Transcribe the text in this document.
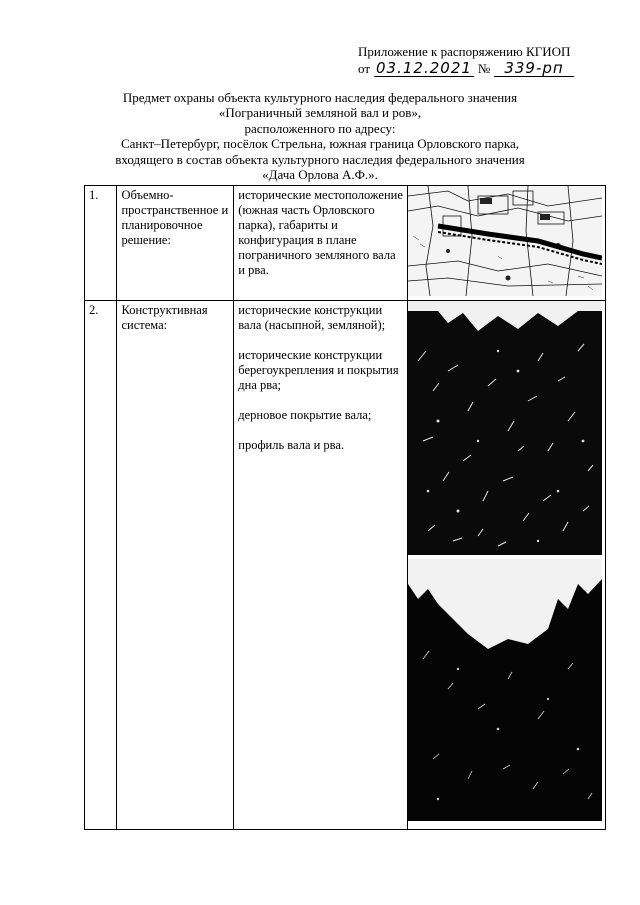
Приложение к распоряжению КГИОП
от 03.12.2021 № 339-рп
Предмет охраны объекта культурного наследия федерального значения
«Пограничный земляной вал и ров»,
расположенного по адресу:
Санкт–Петербург, посёлок Стрельна, южная граница Орловского парка,
входящего в состав объекта культурного наследия федерального значения
«Дача Орлова А.Ф.».
1.	Объемно-пространственное и планировочное решение:	исторические местоположение (южная часть Орловского парка), габариты и конфигурация в плане пограничного земляного вала и рва.

2.	Конструктивная система:	исторические конструкции вала (насыпной, земляной);

исторические конструкции берегоукрепления и покрытия дна рва;

дерновое покрытие вала;

профиль вала и рва.
